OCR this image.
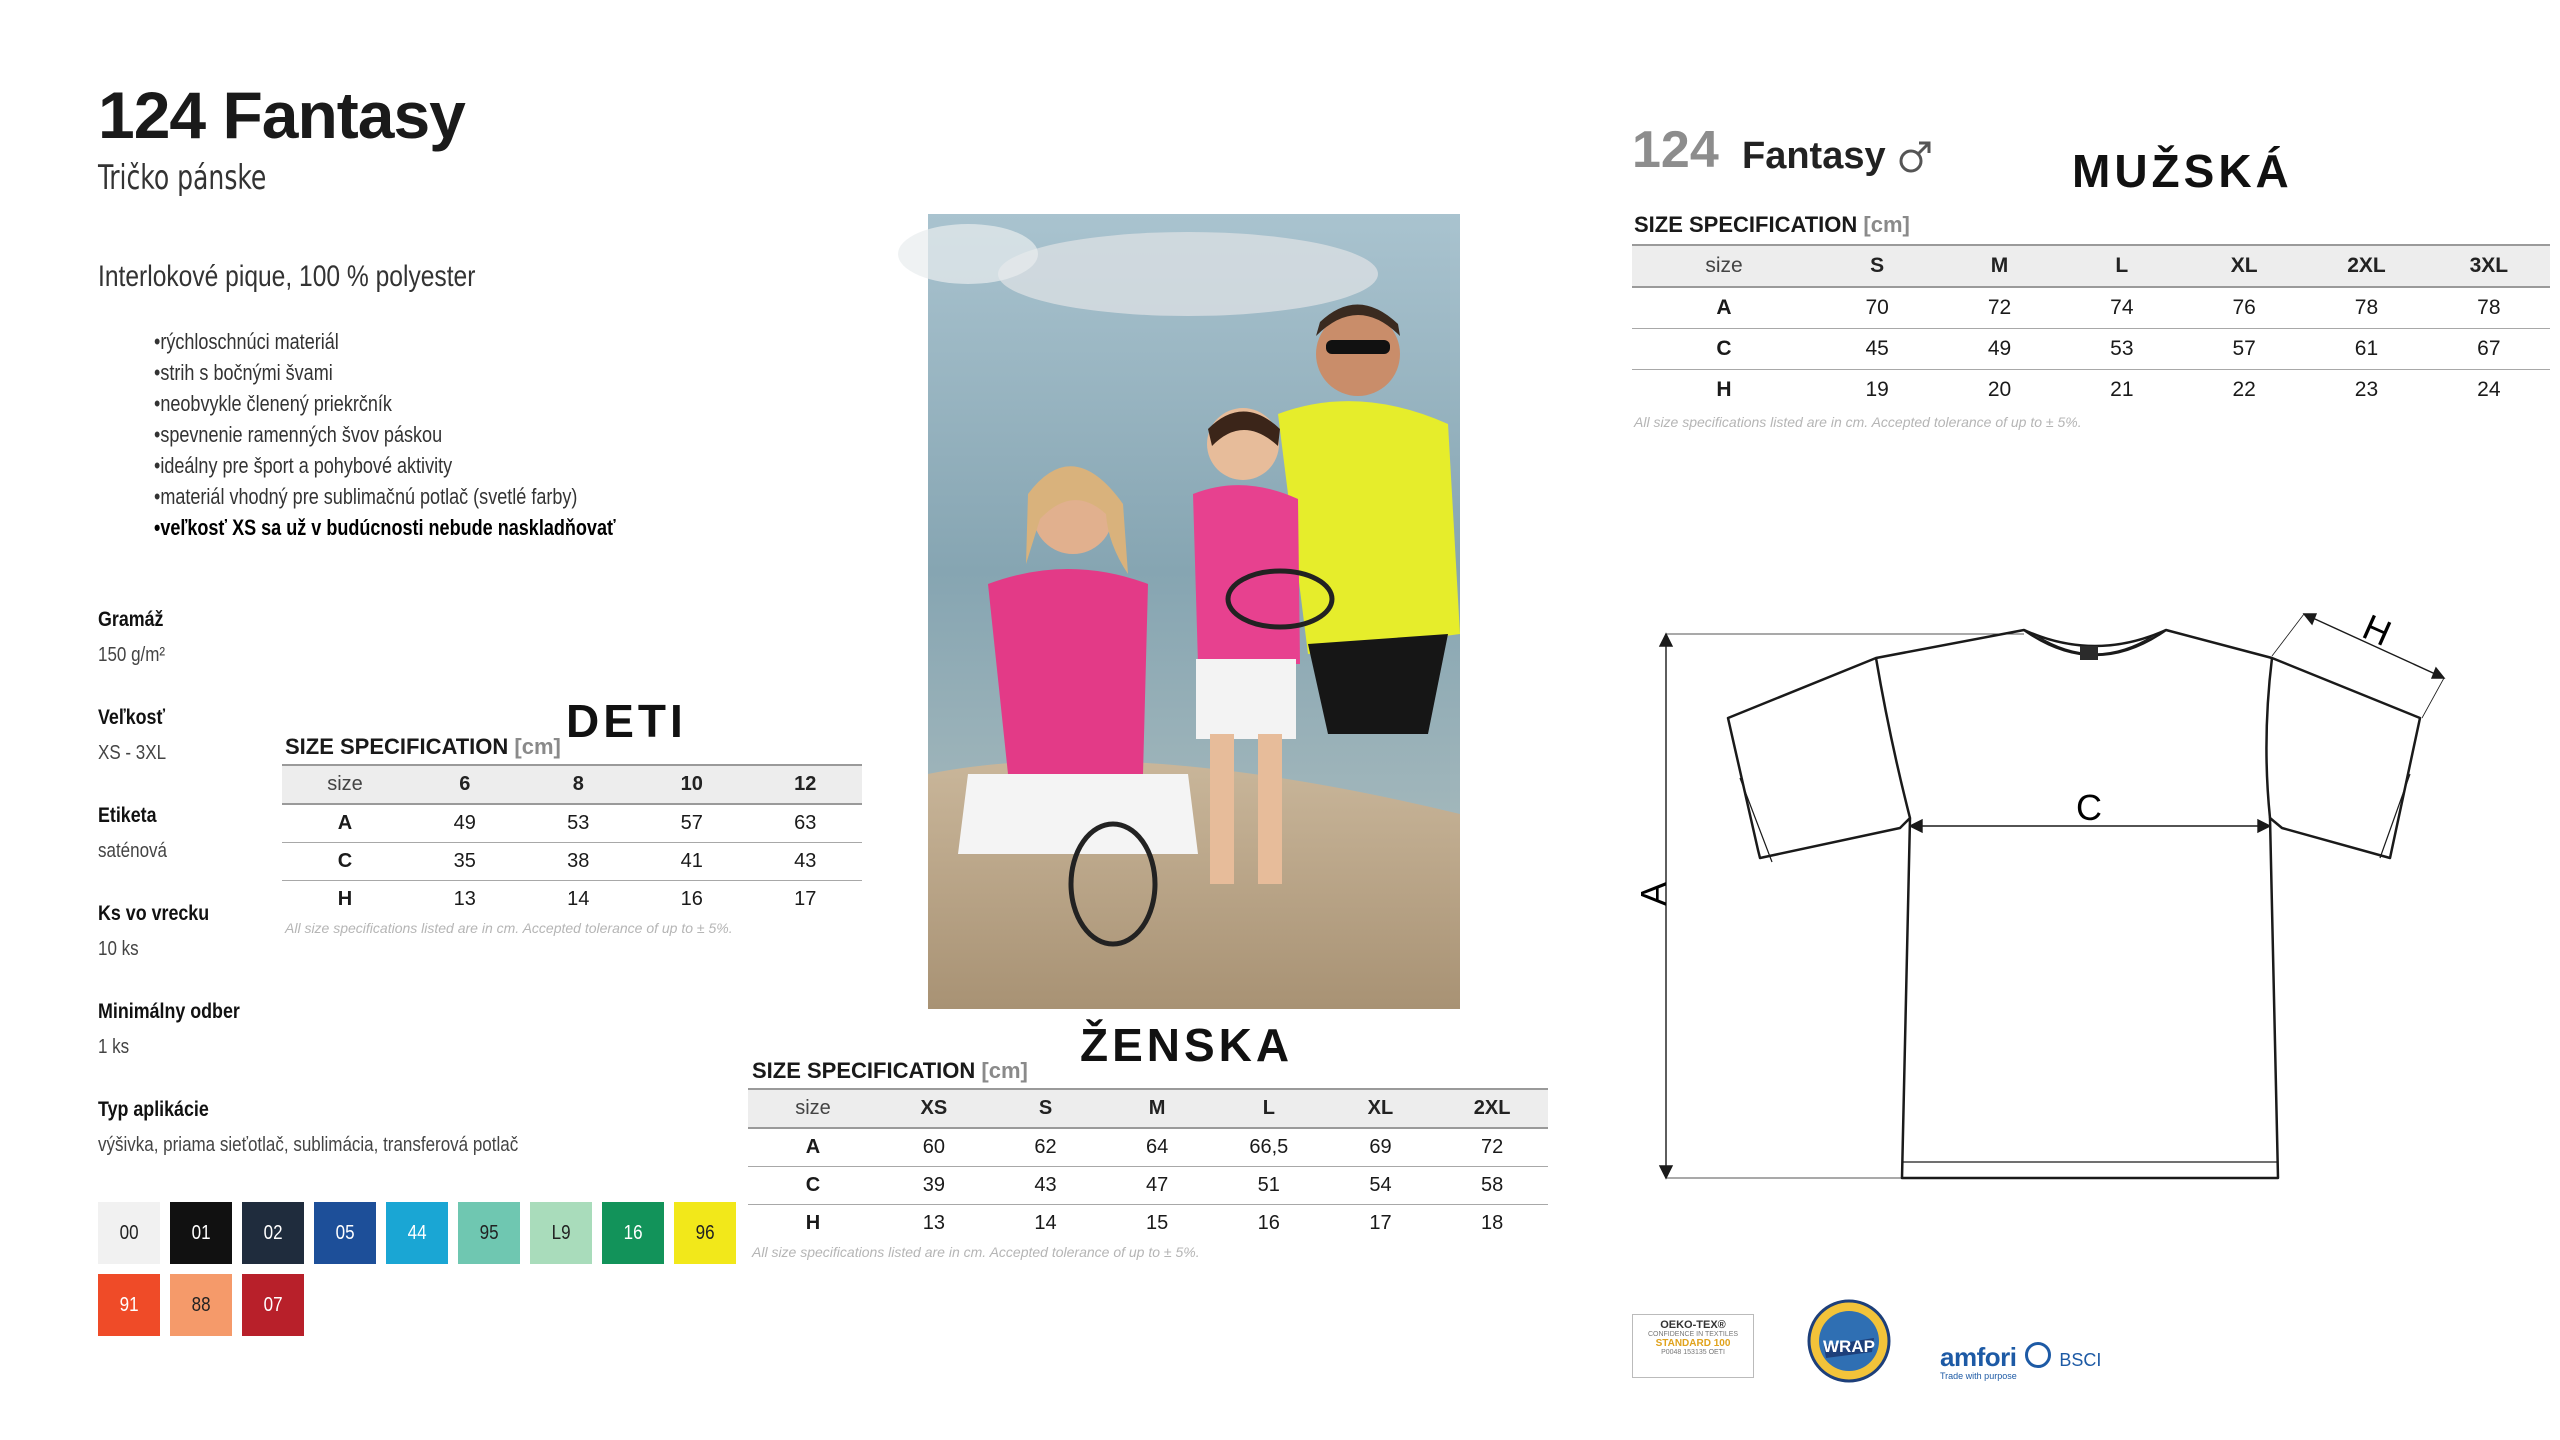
124 Fantasy
Tričko pánske
Interlokové pique, 100 % polyester
• rýchloschnúci materiál
• strih s bočnými švami
• neobvykle členený priekrčník
• spevnenie ramenných švov páskou
• ideálny pre šport a pohybové aktivity
• materiál vhodný pre sublimačnú potlač (svetlé farby)
• veľkosť XS sa už v budúcnosti nebude naskladňovať
Gramáž
150 g/m²
Veľkosť
XS - 3XL
Etiketa
saténová
Ks vo vrecku
10 ks
Minimálny odber
1 ks
Typ aplikácie
výšivka, priama sieťotlač, sublimácia, transferová potlač
00	01	02	05	44	95	L9	16	96
91	88	07
DETI
SIZE SPECIFICATION [cm]
size	6	8	10	12
A	49	53	57	63
C	35	38	41	43
H	13	14	16	17
All size specifications listed are in cm. Accepted tolerance of up to ± 5%.
ŽENSKA
SIZE SPECIFICATION [cm]
size	XS	S	M	L	XL	2XL
A	60	62	64	66,5	69	72
C	39	43	47	51	54	58
H	13	14	15	16	17	18
All size specifications listed are in cm. Accepted tolerance of up to ± 5%.
124 Fantasy	MUŽSKÁ
SIZE SPECIFICATION [cm]
size	S	M	L	XL	2XL	3XL
A	70	72	74	76	78	78
C	45	49	53	57	61	67
H	19	20	21	22	23	24
All size specifications listed are in cm. Accepted tolerance of up to ± 5%.
A
C
H
OEKO-TEX®
CONFIDENCE IN TEXTILES
STANDARD 100
P0048 153135 OETI	WRAP	amfori BSCI
Trade with purpose
